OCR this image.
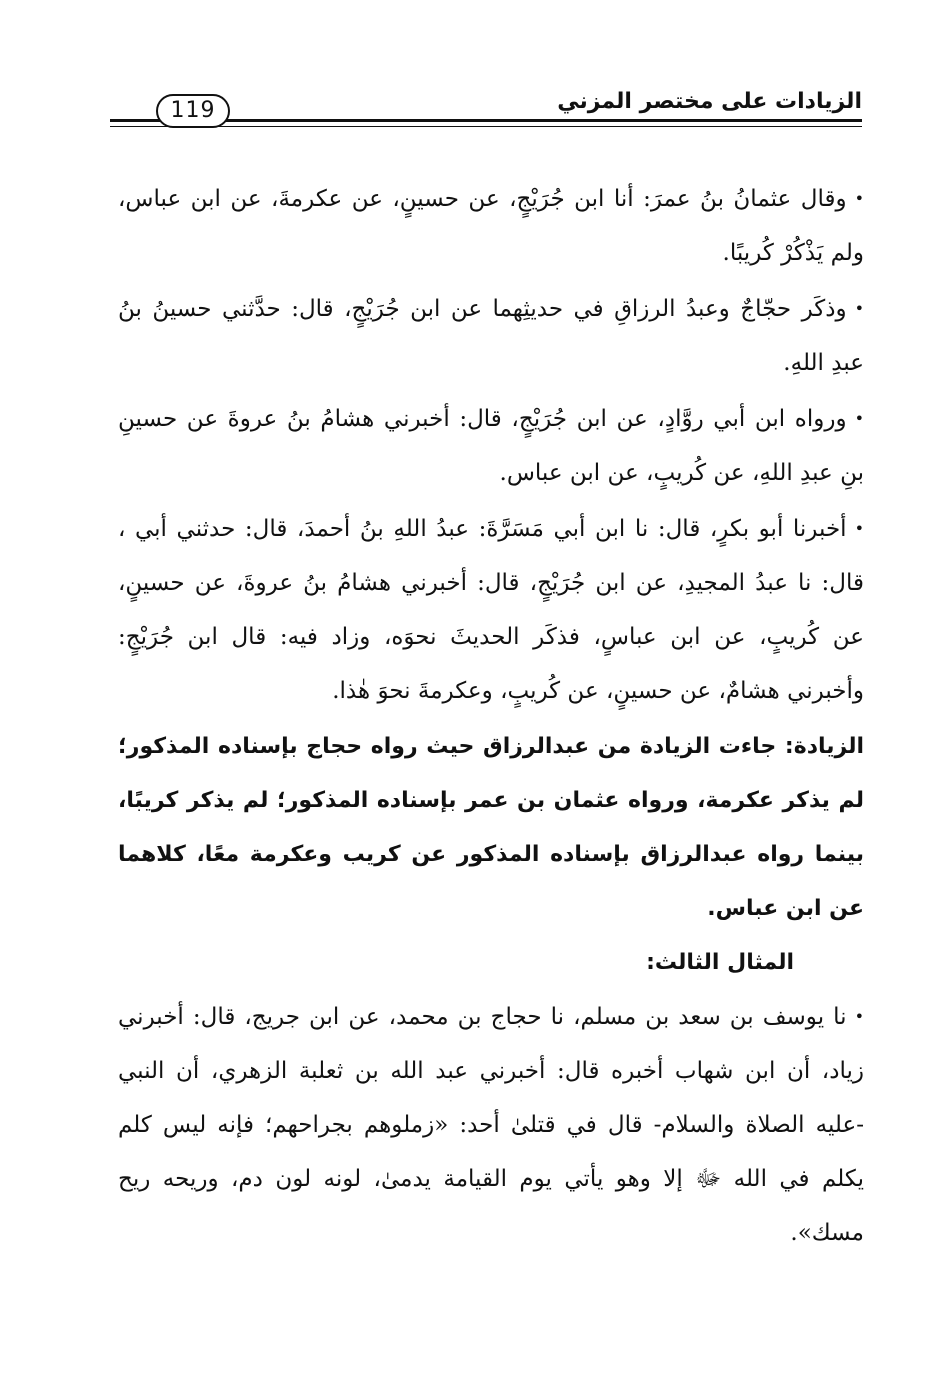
الزيادات على مختصر المزني
119

•وقال عثمانُ بنُ عمرَ: أنا ابن جُرَيْجٍ، عن حسينٍ، عن عكرمةَ، عن ابن عباس، ولم يَذْكُرْ كُريبًا.

•وذكَر حجّاجٌ وعبدُ الرزاقِ في حديثِهما عن ابن جُرَيْجٍ، قال: حدَّثني حسينُ بنُ عبدِ اللهِ.

•ورواه ابن أبي روَّادٍ، عن ابن جُرَيْجٍ، قال: أخبرني هشامُ بنُ عروةَ عن حسينِ بنِ عبدِ اللهِ، عن كُريبٍ، عن ابن عباس.

•أخبرنا أبو بكرٍ، قال: نا ابن أبي مَسَرَّةَ: عبدُ اللهِ بنُ أحمدَ، قال: حدثني أبي ، قال: نا عبدُ المجيدِ، عن ابن جُرَيْجٍ، قال: أخبرني هشامُ بنُ عروةَ، عن حسينٍ، عن كُريبٍ، عن ابن عباسٍ، فذكَر الحديثَ نحوَه، وزاد فيه: قال ابن جُرَيْجٍ: وأخبرني هشامٌ، عن حسينٍ، عن كُريبٍ، وعكرمةَ نحوَ هٰذا.

الزيادة: جاءت الزيادة من عبدالرزاق حيث رواه حجاج بإسناده المذكور؛ لم يذكر عكرمة، ورواه عثمان بن عمر بإسناده المذكور؛ لم يذكر كريبًا، بينما رواه عبدالرزاق بإسناده المذكور عن كريب وعكرمة معًا، كلاهما عن ابن عباس.

المثال الثالث:

•نا يوسف بن سعد بن مسلم، نا حجاج بن محمد، عن ابن جريج، قال: أخبرني زياد، أن ابن شهاب أخبره قال: أخبرني عبد الله بن ثعلبة الزهري، أن النبي -عليه الصلاة والسلام- قال في قتلىٰ أحد: «زملوهم بجراحهم؛ فإنه ليس كلم يكلم في الله ﷻ إلا وهو يأتي يوم القيامة يدمىٰ، لونه لون دم، وريحه ريح مسك».
